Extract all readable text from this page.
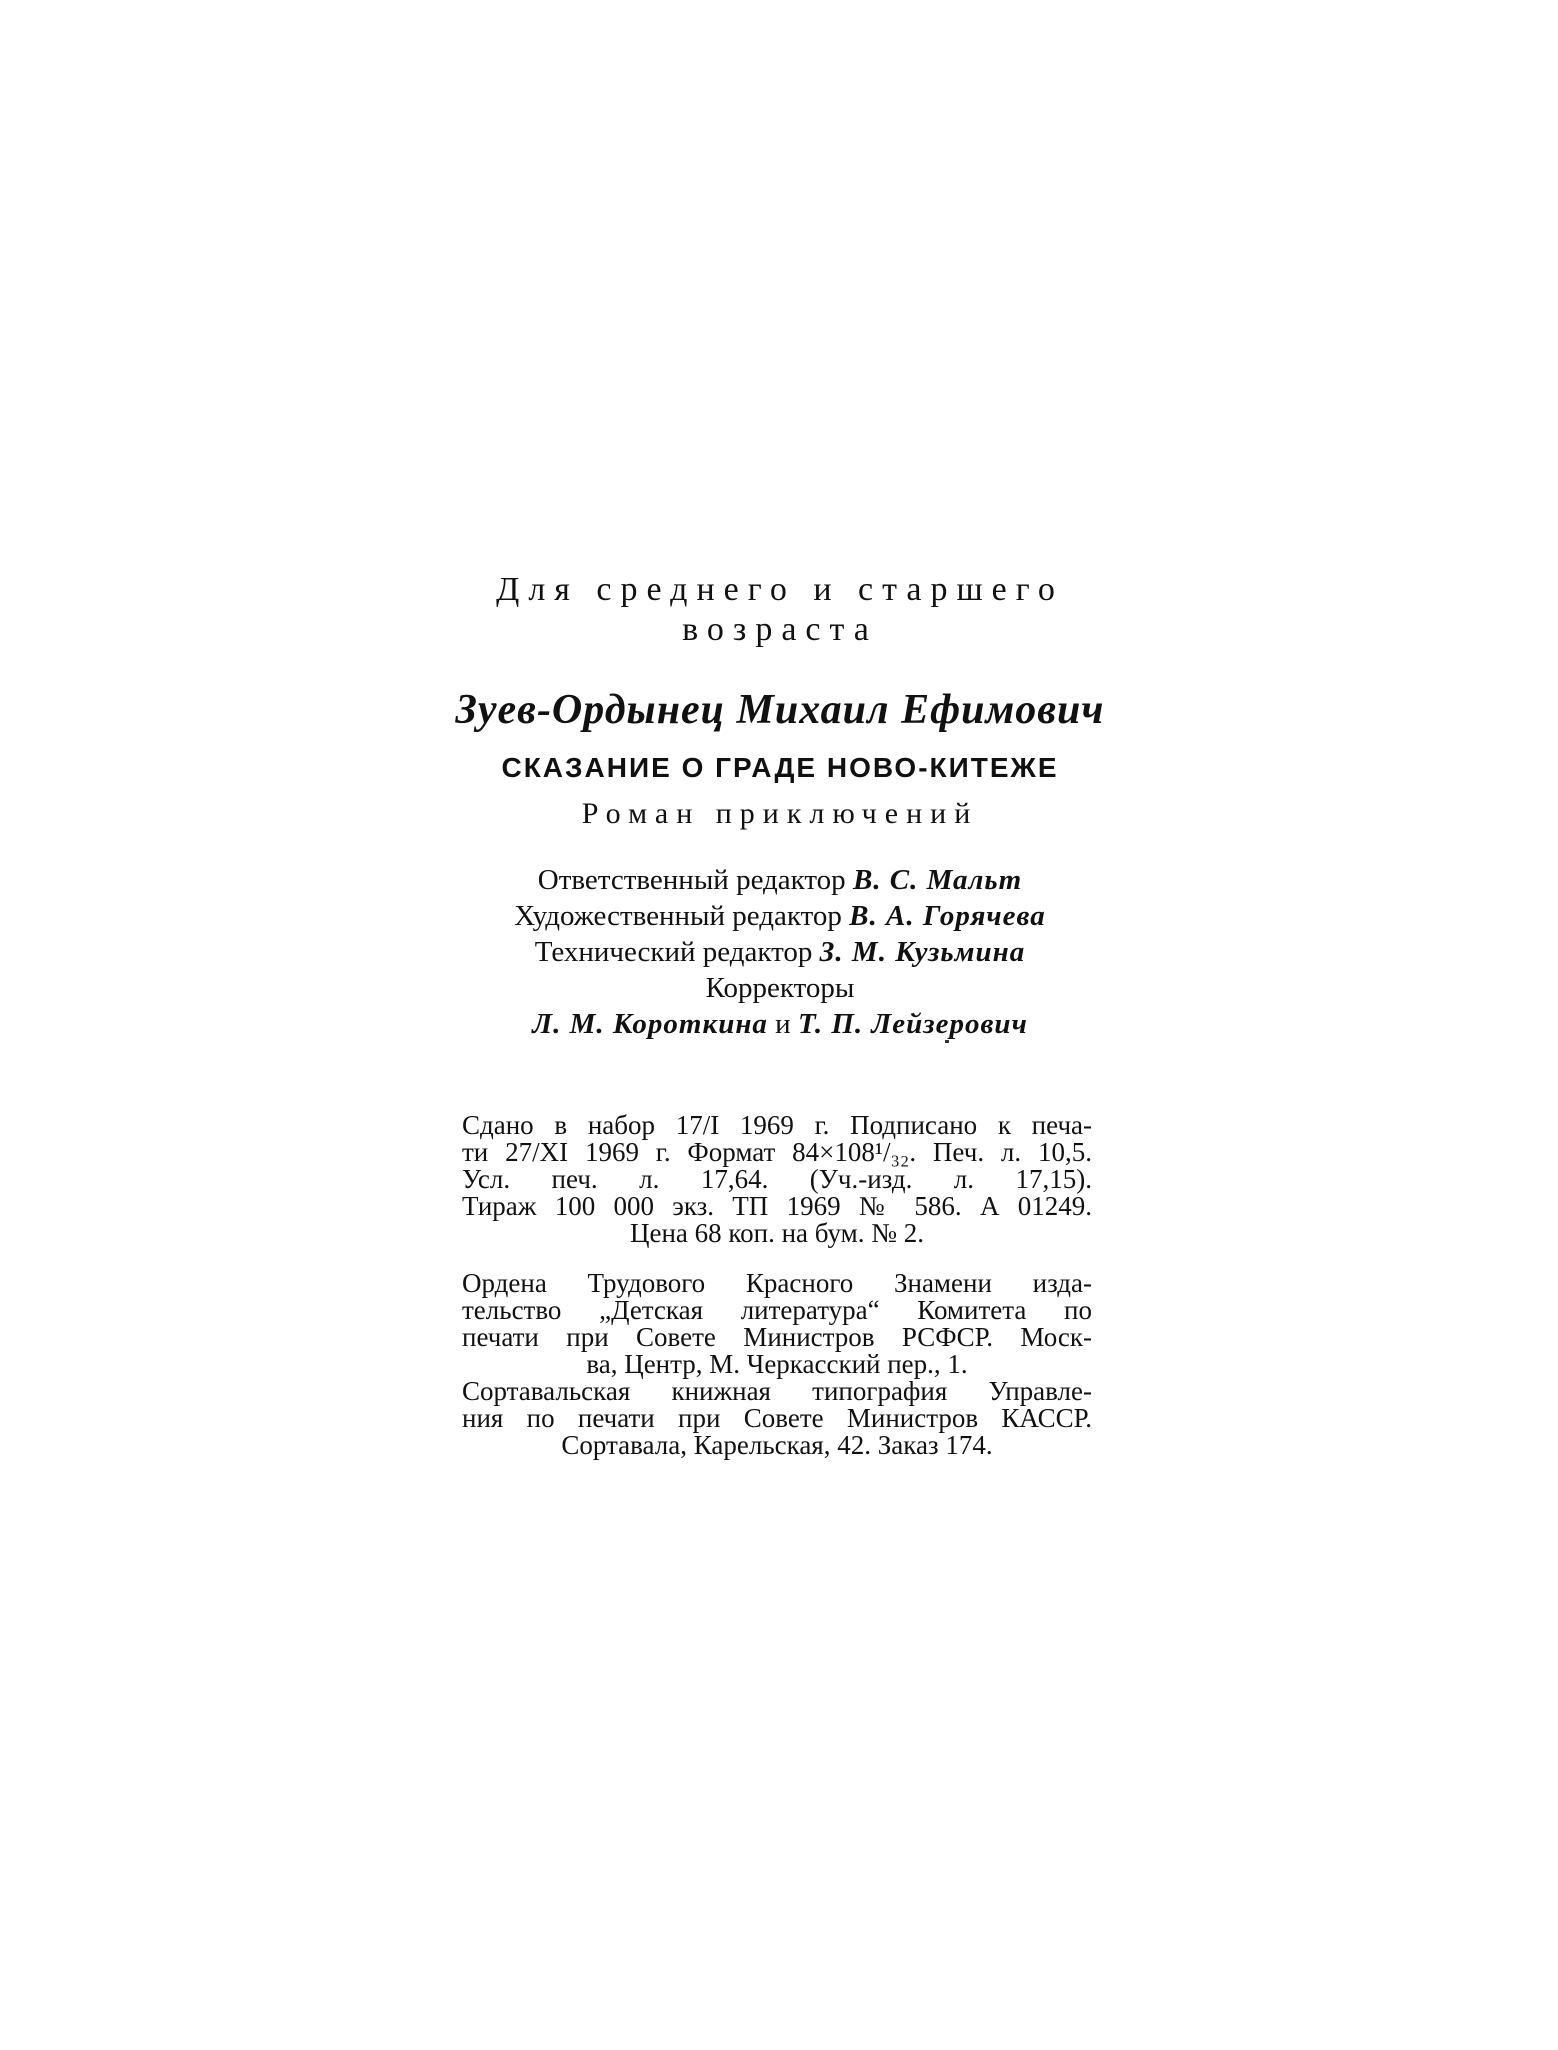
Для среднего и старшего
возраста
Зуев-Ордынец Михаил Ефимович
СКАЗАНИЕ О ГРАДЕ НОВО-КИТЕЖЕ
Роман приключений
Ответственный редактор В. С. Мальт
Художественный редактор В. А. Горячева
Технический редактор З. М. Кузьмина
Корректоры
Л. М. Короткина и Т. П. Лейзерович
Сдано в набор 17/I 1969 г. Подписано к печа-
ти 27/XI 1969 г. Формат 84×108¹/₃₂. Печ. л. 10,5.
Усл. печ. л. 17,64. (Уч.-изд. л. 17,15).
Тираж 100 000 экз. ТП 1969 № 586. А 01249.
Цена 68 коп. на бум. № 2.
Ордена Трудового Красного Знамени изда-
тельство „Детская литература“ Комитета по
печати при Совете Министров РСФСР. Моск-
ва, Центр, М. Черкасский пер., 1.
Сортавальская книжная типография Управле-
ния по печати при Совете Министров КАССР.
Сортавала, Карельская, 42. Заказ 174.
